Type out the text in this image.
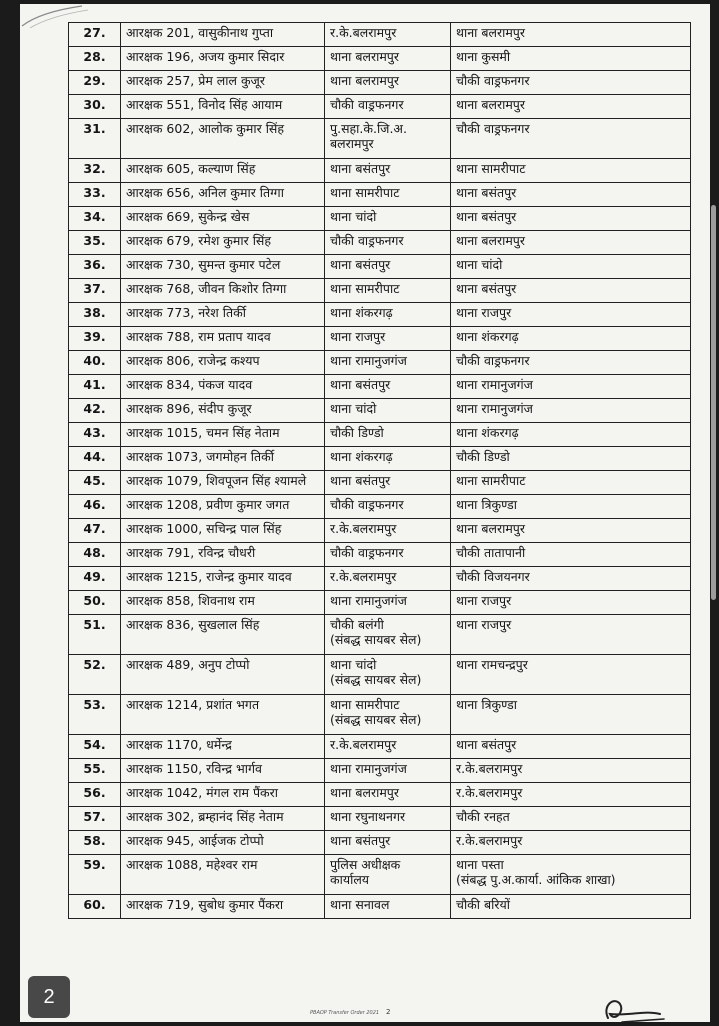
27.	आरक्षक 201, वासुकीनाथ गुप्ता	र.के.बलरामपुर	थाना बलरामपुर

28.	आरक्षक 196, अजय कुमार सिदार	थाना बलरामपुर	थाना कुसमी

29.	आरक्षक 257, प्रेम लाल कुजूर	थाना बलरामपुर	चौकी वाड्रफनगर

30.	आरक्षक 551, विनोद सिंह आयाम	चौकी वाड्रफनगर	थाना बलरामपुर

31.	आरक्षक 602, आलोक कुमार सिंह	पु.सहा.के.जि.अ.
बलरामपुर	चौकी वाड्रफनगर

32.	आरक्षक 605, कल्याण सिंह	थाना बसंतपुर	थाना सामरीपाट

33.	आरक्षक 656, अनिल कुमार तिग्गा	थाना सामरीपाट	थाना बसंतपुर

34.	आरक्षक 669, सुकेन्द्र खेस	थाना चांदो	थाना बसंतपुर

35.	आरक्षक 679, रमेश कुमार सिंह	चौकी वाड्रफनगर	थाना बलरामपुर

36.	आरक्षक 730, सुमन्त कुमार पटेल	थाना बसंतपुर	थाना चांदो

37.	आरक्षक 768, जीवन किशोर तिग्गा	थाना सामरीपाट	थाना बसंतपुर

38.	आरक्षक 773, नरेश तिर्की	थाना शंकरगढ़	थाना राजपुर

39.	आरक्षक 788, राम प्रताप यादव	थाना राजपुर	थाना शंकरगढ़

40.	आरक्षक 806, राजेन्द्र कश्यप	थाना रामानुजगंज	चौकी वाड्रफनगर

41.	आरक्षक 834, पंकज यादव	थाना बसंतपुर	थाना रामानुजगंज

42.	आरक्षक 896, संदीप कुजूर	थाना चांदो	थाना रामानुजगंज

43.	आरक्षक 1015, चमन सिंह नेताम	चौकी डिण्डो	थाना शंकरगढ़

44.	आरक्षक 1073, जगमोहन तिर्की	थाना शंकरगढ़	चौकी डिण्डो

45.	आरक्षक 1079, शिवपूजन सिंह श्यामले	थाना बसंतपुर	थाना सामरीपाट

46.	आरक्षक 1208, प्रवीण कुमार जगत	चौकी वाड्रफनगर	थाना त्रिकुण्डा

47.	आरक्षक 1000, सचिन्द्र पाल सिंह	र.के.बलरामपुर	थाना बलरामपुर

48.	आरक्षक 791, रविन्द्र चौधरी	चौकी वाड्रफनगर	चौकी तातापानी

49.	आरक्षक 1215, राजेन्द्र कुमार यादव	र.के.बलरामपुर	चौकी विजयनगर

50.	आरक्षक 858, शिवनाथ राम	थाना रामानुजगंज	थाना राजपुर

51.	आरक्षक 836, सुखलाल सिंह	चौकी बलंगी
(संबद्ध सायबर सेल)	थाना राजपुर

52.	आरक्षक 489, अनुप टोप्पो	थाना चांदो
(संबद्ध सायबर सेल)	थाना रामचन्द्रपुर

53.	आरक्षक 1214, प्रशांत भगत	थाना सामरीपाट
(संबद्ध सायबर सेल)	थाना त्रिकुण्डा

54.	आरक्षक 1170, धर्मेन्द्र	र.के.बलरामपुर	थाना बसंतपुर

55.	आरक्षक 1150, रविन्द्र भार्गव	थाना रामानुजगंज	र.के.बलरामपुर

56.	आरक्षक 1042, मंगल राम पैंकरा	थाना बलरामपुर	र.के.बलरामपुर

57.	आरक्षक 302, ब्रम्हानंद सिंह नेताम	थाना रघुनाथनगर	चौकी रनहत

58.	आरक्षक 945, आईजक टोप्पो	थाना बसंतपुर	र.के.बलरामपुर

59.	आरक्षक 1088, महेश्वर राम	पुलिस अधीक्षक
कार्यालय	थाना पस्ता
(संबद्ध पु.अ.कार्या. आंकिक शाखा)

60.	आरक्षक 719, सुबोध कुमार पैंकरा	थाना सनावल	चौकी बरियों
PBAOP Transfer Order 2021 2
2
